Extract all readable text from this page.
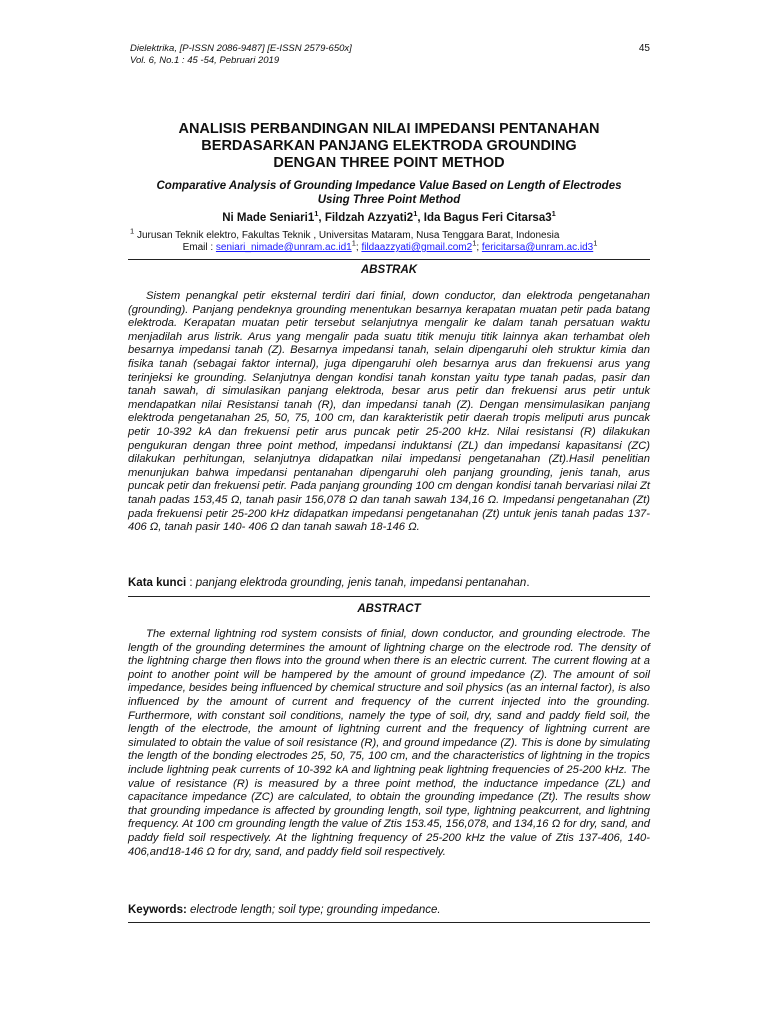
Dielektrika, [P-ISSN 2086-9487] [E-ISSN 2579-650x]
Vol. 6, No.1 : 45 -54, Pebruari 2019
45
ANALISIS PERBANDINGAN NILAI IMPEDANSI PENTANAHAN
BERDASARKAN PANJANG ELEKTRODA GROUNDING
DENGAN THREE POINT METHOD
Comparative Analysis of Grounding Impedance Value Based on Length of Electrodes
Using Three Point Method
Ni Made $Seniari1^1$, Fildzah $Azzyati2^1$, Ida Bagus Feri $Citarsa3^1$
$^1$ Jurusan Teknik elektro, Fakultas Teknik , Universitas Mataram, Nusa Tenggara Barat, Indonesia
Email : $seniari\_nimade@unram.ac.id1^1$; $fildaazzyati@gmail.com2^1$; $fericitarsa@unram.ac.id3^1$
ABSTRAK

Sistem penangkal petir eksternal terdiri dari finial, down conductor, dan elektroda pengetanahan (grounding). Panjang pendeknya grounding menentukan besarnya kerapatan muatan petir pada batang elektroda. Kerapatan muatan petir tersebut selanjutnya mengalir ke dalam tanah persatuan waktu menjadilah arus listrik. Arus yang mengalir pada suatu titik menuju titik lainnya akan terhambat oleh besarnya impedansi tanah (Z). Besarnya impedansi tanah, selain dipengaruhi oleh struktur kimia dan fisika tanah (sebagai faktor internal), juga dipengaruhi oleh besarnya arus dan frekuensi arus yang terinjeksi ke grounding. Selanjutnya dengan kondisi tanah konstan yaitu type tanah padas, pasir dan tanah sawah, di simulasikan panjang elektroda, besar arus petir dan frekuensi arus petir untuk mendapatkan nilai Resistansi tanah (R), dan impedansi tanah (Z). Dengan mensimulasikan panjang elektroda pengetanahan 25, 50, 75, 100 cm, dan karakteristik petir daerah tropis meliputi arus puncak petir 10-392 kA dan frekuensi petir arus puncak petir 25-200 kHz. Nilai resistansi (R) dilakukan pengukuran dengan three point method, impedansi induktansi (ZL) dan impedansi kapasitansi (ZC) dilakukan perhitungan, selanjutnya didapatkan nilai impedansi pengetanahan (Zt).Hasil penelitian menunjukan bahwa impedansi pentanahan dipengaruhi oleh panjang grounding, jenis tanah, arus puncak petir dan frekuensi petir. Pada panjang grounding 100 cm dengan kondisi tanah bervariasi nilai Zt tanah padas 153,45 Ω, tanah pasir 156,078 Ω dan tanah sawah 134,16 Ω. Impedansi pengetanahan (Zt) pada frekuensi petir 25-200 kHz didapatkan impedansi pengetanahan (Zt) untuk jenis tanah padas 137-406 Ω, tanah pasir 140- 406 Ω dan tanah sawah 18-146 Ω.

Kata kunci : panjang elektroda grounding, jenis tanah, impedansi pentanahan.
ABSTRACT

The external lightning rod system consists of finial, down conductor, and grounding electrode. The length of the grounding determines the amount of lightning charge on the electrode rod. The density of the lightning charge then flows into the ground when there is an electric current. The current flowing at a point to another point will be hampered by the amount of ground impedance (Z). The amount of soil impedance, besides being influenced by chemical structure and soil physics (as an internal factor), is also influenced by the amount of current and frequency of the current injected into the grounding. Furthermore, with constant soil conditions, namely the type of soil, dry, sand and paddy field soil, the length of the electrode, the amount of lightning current and the frequency of lightning current are simulated to obtain the value of soil resistance (R), and ground impedance (Z). This is done by simulating the length of the bonding electrodes 25, 50, 75, 100 cm, and the characteristics of lightning in the tropics include lightning peak currents of 10-392 kA and lightning peak lightning frequencies of 25-200 kHz. The value of resistance (R) is measured by a three point method, the inductance impedance (ZL) and capacitance impedance (ZC) are calculated, to obtain the grounding impedance (Zt). The results show that grounding impedance is affected by grounding length, soil type, lightning peakcurrent, and lightning frequency. At 100 cm grounding length the value of Ztis 153.45, 156,078, and 134,16 Ω for dry, sand, and paddy field soil respectively. At the lightning frequency of 25-200 kHz the value of Ztis 137-406, 140-406,and18-146 Ω for dry, sand, and paddy field soil respectively.

Keywords: electrode length; soil type; grounding impedance.
